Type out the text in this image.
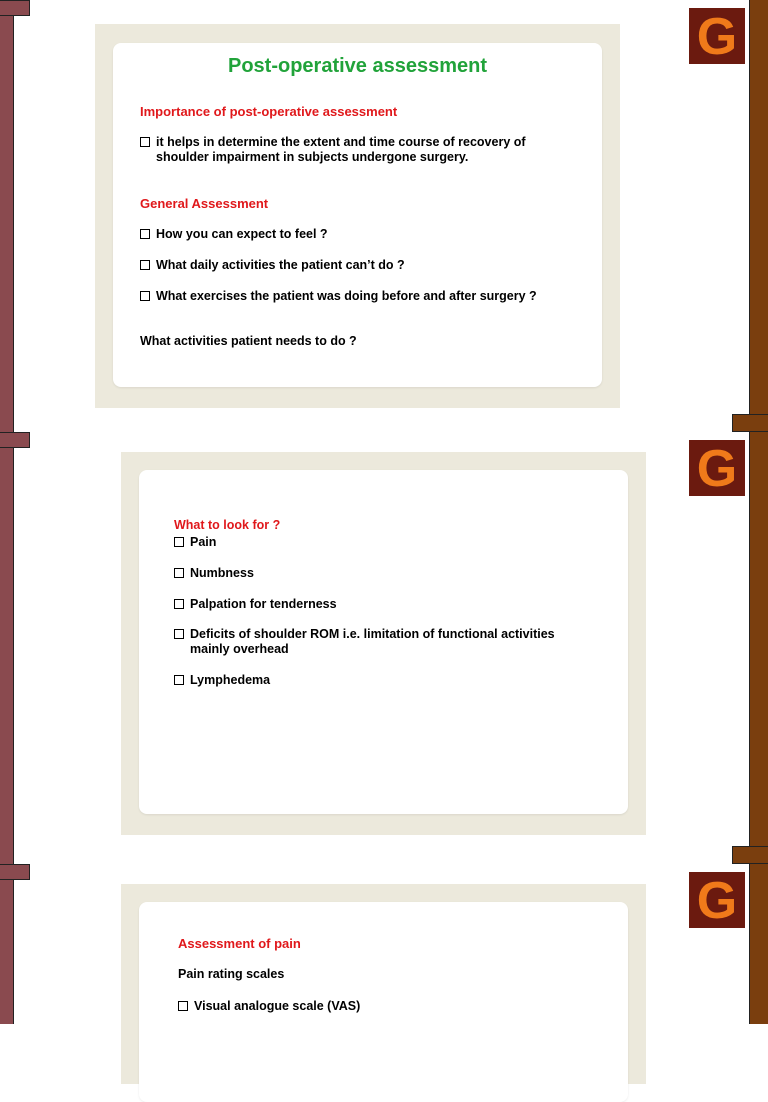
G
Post-operative assessment
Importance of post-operative assessment
it helps in determine the extent and time course of recovery of
shoulder impairment in subjects undergone surgery.
General Assessment
How you can expect to feel ?
What daily activities the patient can’t do ?
What exercises the patient was doing before and after surgery ?
What activities patient needs to do ?
G
What to look for ?
Pain
Numbness
Palpation for tenderness
Deficits of shoulder ROM i.e. limitation of functional activities
mainly overhead
Lymphedema
G
Assessment of pain
Pain rating scales
Visual analogue scale (VAS)
